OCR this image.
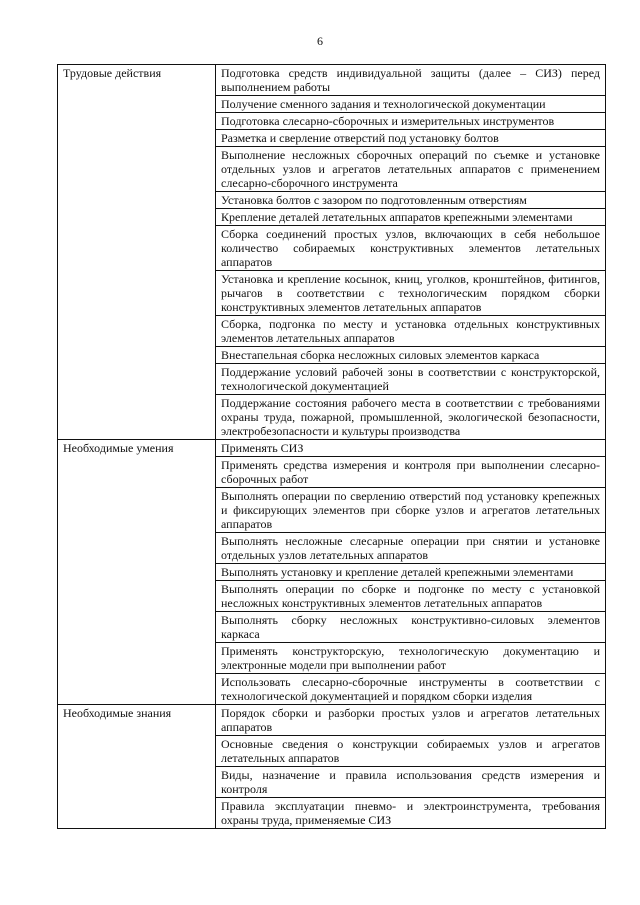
6
Трудовые действия	Подготовка средств индивидуальной защиты (далее – СИЗ) перед выполнением работы
	Получение сменного задания и технологической документации
	Подготовка слесарно-сборочных и измерительных инструментов
	Разметка и сверление отверстий под установку болтов
	Выполнение несложных сборочных операций по съемке и установке отдельных узлов и агрегатов летательных аппаратов с применением слесарно-сборочного инструмента
	Установка болтов с зазором по подготовленным отверстиям
	Крепление деталей летательных аппаратов крепежными элементами
	Сборка соединений простых узлов, включающих в себя небольшое количество собираемых конструктивных элементов летательных аппаратов
	Установка и крепление косынок, книц, уголков, кронштейнов, фитингов, рычагов в соответствии с технологическим порядком сборки конструктивных элементов летательных аппаратов
	Сборка, подгонка по месту и установка отдельных конструктивных элементов летательных аппаратов
	Внестапельная сборка несложных силовых элементов каркаса
	Поддержание условий рабочей зоны в соответствии с конструкторской, технологической документацией
	Поддержание состояния рабочего места в соответствии с требованиями охраны труда, пожарной, промышленной, экологической безопасности, электробезопасности и культуры производства
Необходимые умения	Применять СИЗ
	Применять средства измерения и контроля при выполнении слесарно-сборочных работ
	Выполнять операции по сверлению отверстий под установку крепежных и фиксирующих элементов при сборке узлов и агрегатов летательных аппаратов
	Выполнять несложные слесарные операции при снятии и установке отдельных узлов летательных аппаратов
	Выполнять установку и крепление деталей крепежными элементами
	Выполнять операции по сборке и подгонке по месту с установкой несложных конструктивных элементов летательных аппаратов
	Выполнять сборку несложных конструктивно-силовых элементов каркаса
	Применять конструкторскую, технологическую документацию и электронные модели при выполнении работ
	Использовать слесарно-сборочные инструменты в соответствии с технологической документацией и порядком сборки изделия
Необходимые знания	Порядок сборки и разборки простых узлов и агрегатов летательных аппаратов
	Основные сведения о конструкции собираемых узлов и агрегатов летательных аппаратов
	Виды, назначение и правила использования средств измерения и контроля
	Правила эксплуатации пневмо- и электроинструмента, требования охраны труда, применяемые СИЗ
